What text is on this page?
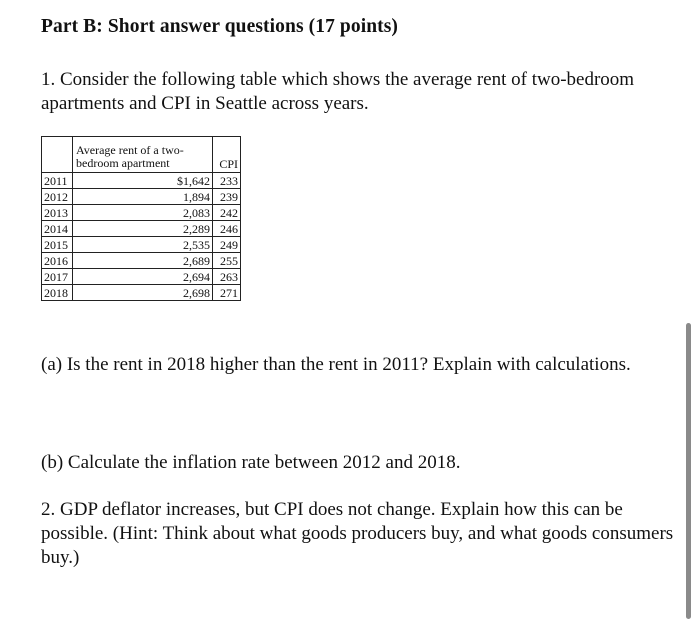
Part B: Short answer questions (17 points)
1. Consider the following table which shows the average rent of two-bedroom apartments and CPI in Seattle across years.
	Average rent of a two-bedroom apartment	CPI
2011	$1,642	233
2012	1,894	239
2013	2,083	242
2014	2,289	246
2015	2,535	249
2016	2,689	255
2017	2,694	263
2018	2,698	271
(a) Is the rent in 2018 higher than the rent in 2011? Explain with calculations.
(b) Calculate the inflation rate between 2012 and 2018.
2. GDP deflator increases, but CPI does not change. Explain how this can be possible. (Hint: Think about what goods producers buy, and what goods consumers buy.)
